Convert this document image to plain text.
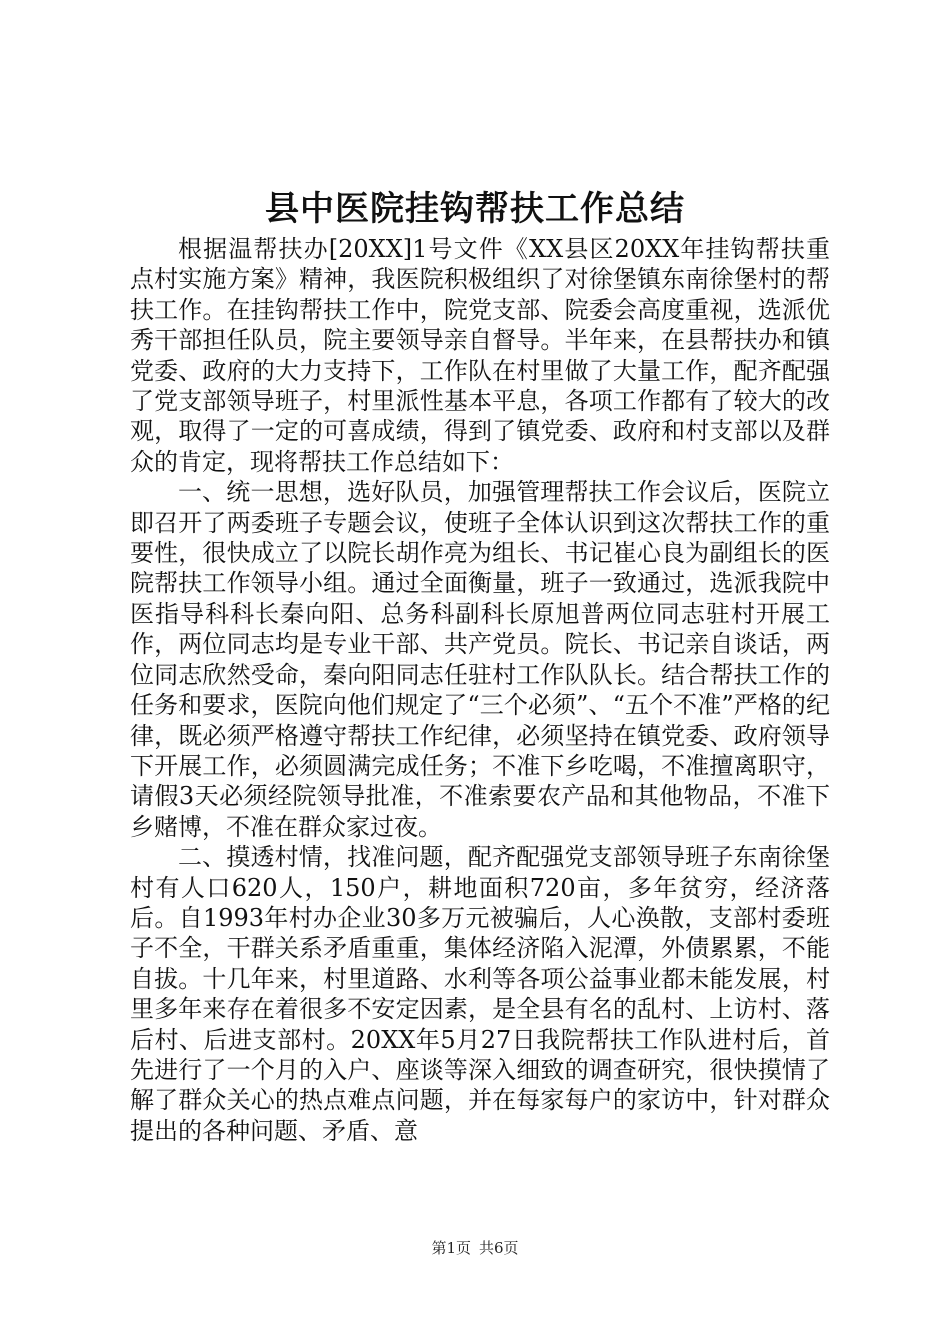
县中医院挂钩帮扶工作总结

根据温帮扶办[20XX]1号文件《XX县区20XX年挂钩帮扶重点村实施方案》精神，我医院积极组织了对徐堡镇东南徐堡村的帮扶工作。在挂钩帮扶工作中，院党支部、院委会高度重视，选派优秀干部担任队员，院主要领导亲自督导。半年来，在县帮扶办和镇党委、政府的大力支持下，工作队在村里做了大量工作，配齐配强了党支部领导班子，村里派性基本平息，各项工作都有了较大的改观，取得了一定的可喜成绩，得到了镇党委、政府和村支部以及群众的肯定，现将帮扶工作总结如下：

一、统一思想，选好队员，加强管理帮扶工作会议后，医院立即召开了两委班子专题会议，使班子全体认识到这次帮扶工作的重要性，很快成立了以院长胡作亮为组长、书记崔心良为副组长的医院帮扶工作领导小组。通过全面衡量，班子一致通过，选派我院中医指导科科长秦向阳、总务科副科长原旭普两位同志驻村开展工作，两位同志均是专业干部、共产党员。院长、书记亲自谈话，两位同志欣然受命，秦向阳同志任驻村工作队队长。结合帮扶工作的任务和要求，医院向他们规定了“三个必须”、“五个不准”严格的纪律，既必须严格遵守帮扶工作纪律，必须坚持在镇党委、政府领导下开展工作，必须圆满完成任务；不准下乡吃喝，不准擅离职守，请假3天必须经院领导批准，不准索要农产品和其他物品，不准下乡赌博，不准在群众家过夜。

二、摸透村情，找准问题，配齐配强党支部领导班子东南徐堡村有人口620人，150户，耕地面积720亩，多年贫穷，经济落后。自1993年村办企业30多万元被骗后，人心涣散，支部村委班子不全，干群关系矛盾重重，集体经济陷入泥潭，外债累累，不能自拔。十几年来，村里道路、水利等各项公益事业都未能发展，村里多年来存在着很多不安定因素，是全县有名的乱村、上访村、落后村、后进支部村。20XX年5月27日我院帮扶工作队进村后，首先进行了一个月的入户、座谈等深入细致的调查研究，很快摸情了解了群众关心的热点难点问题，并在每家每户的家访中，针对群众提出的各种问题、矛盾、意

第1页 共6页
